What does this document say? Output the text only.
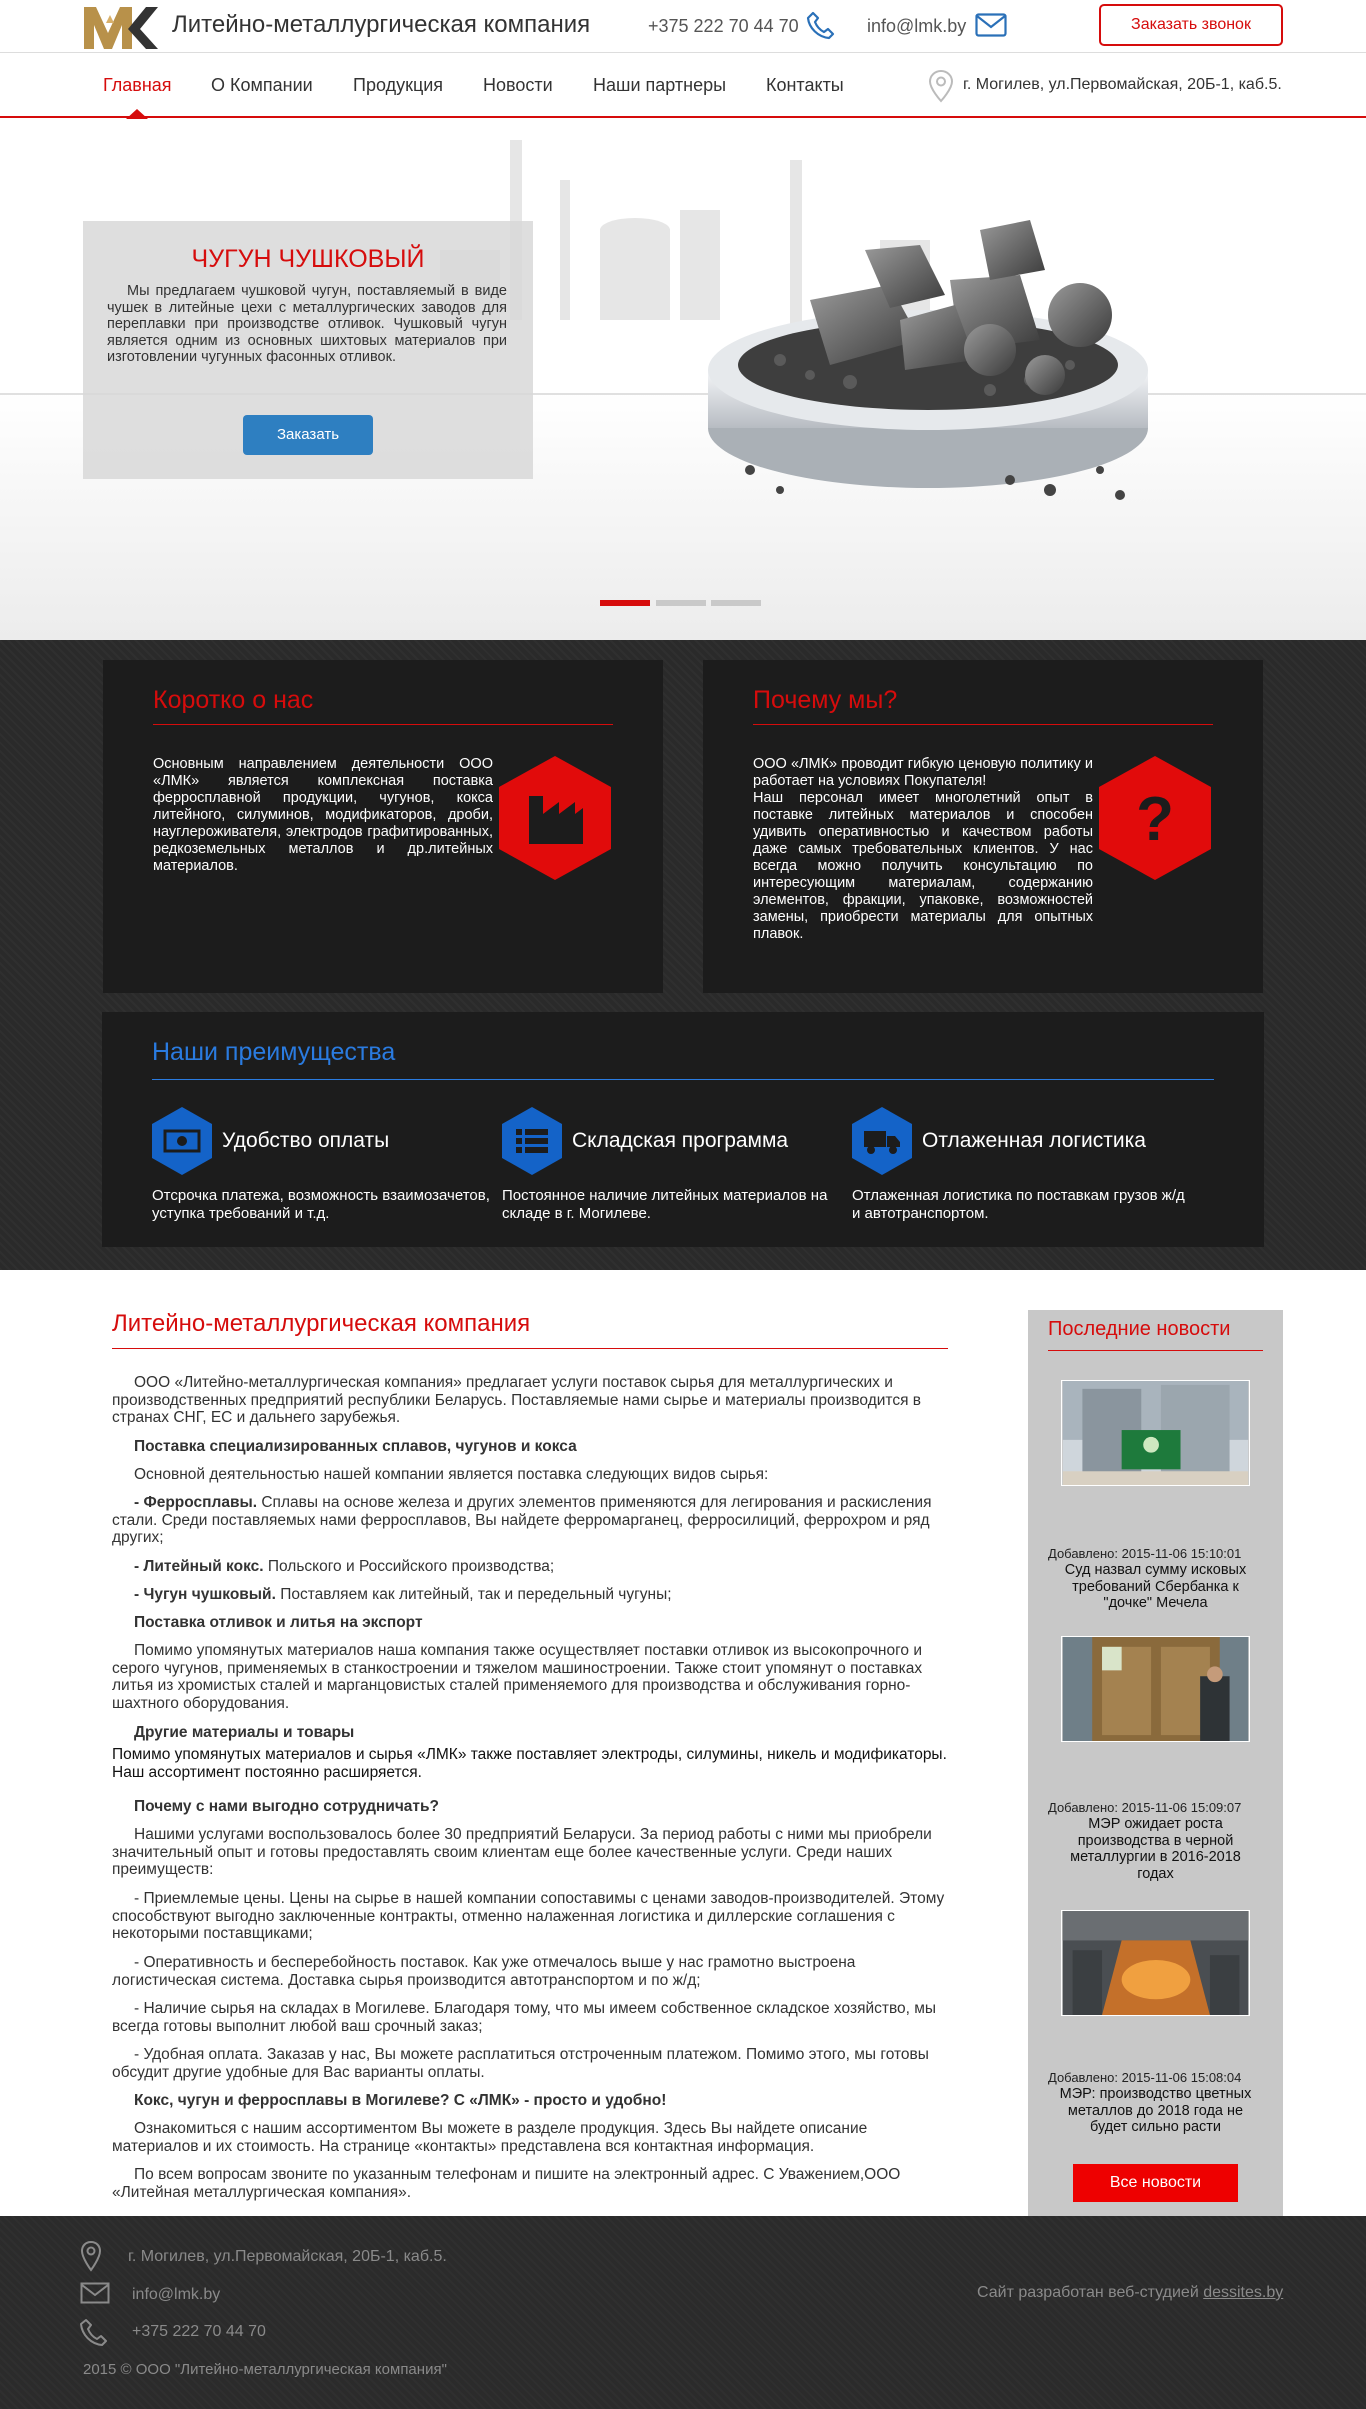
Литейно-металлургическая компания	+375 222 70 44 70	info@lmk.by	Заказать звонок
Главная О Компании Продукция Новости Наши партнеры Контакты	г. Могилев, ул.Первомайская, 20Б-1, каб.5.
ЧУГУН ЧУШКОВЫЙ
Мы предлагаем чушковой чугун, поставляемый в виде чушек в литейные цехи с металлургических заводов для переплавки при производстве отливок. Чушковый чугун является одним из основных шихтовых материалов при изготовлении чугунных фасонных отливок.
Заказать
Коротко о нас
Основным направлением деятельности ООО «ЛМК» является комплексная поставка ферросплавной продукции, чугунов, кокса литейного, силуминов, модификаторов, дроби, науглероживателя, электродов графитированных, редкоземельных металлов и др.литейных материалов.
Почему мы?
ООО «ЛМК» проводит гибкую ценовую политику и работает на условиях Покупателя!
Наш персонал имеет многолетний опыт в поставке литейных материалов и способен удивить оперативностью и качеством работы даже самых требовательных клиентов. У нас всегда можно получить консультацию по интересующим материалам, содержанию элементов, фракции, упаковке, возможностей замены, приобрести материалы для опытных плавок.
?
Наши преимущества
Удобство оплаты
Отсрочка платежа, возможность взаимозачетов, уступка требований и т.д.
Складская программа
Постоянное наличие литейных материалов на складе в г. Могилеве.
Отлаженная логистика
Отлаженная логистика по поставкам грузов ж/д и автотранспортом.
Литейно-металлургическая компания

ООО «Литейно-металлургическая компания» предлагает услуги поставок сырья для металлургических и производственных предприятий республики Беларусь. Поставляемые нами сырье и материалы производится в странах СНГ, ЕС и дальнего зарубежья.

Поставка специализированных сплавов, чугунов и кокса

Основной деятельностью нашей компании является поставка следующих видов сырья:

- Ферросплавы. Сплавы на основе железа и других элементов применяются для легирования и раскисления стали. Среди поставляемых нами ферросплавов, Вы найдете ферромарганец, ферросилиций, феррохром и ряд других;

- Литейный кокс. Польского и Российского производства;

- Чугун чушковый. Поставляем как литейный, так и передельный чугуны;

Поставка отливок и литья на экспорт

Помимо упомянутых материалов наша компания также осуществляет поставки отливок из высокопрочного и серого чугунов, применяемых в станкостроении и тяжелом машиностроении. Также стоит упомянут о поставках литья из хромистых сталей и марганцовистых сталей применяемого для производства и обслуживания горно-шахтного оборудования.

Другие материалы и товары

Помимо упомянутых материалов и сырья «ЛМК» также поставляет электроды, силумины, никель и модификаторы. Наш ассортимент постоянно расширяется.

Почему с нами выгодно сотрудничать?

Нашими услугами воспользовалось более 30 предприятий Беларуси. За период работы с ними мы приобрели значительный опыт и готовы предоставлять своим клиентам еще более качественные услуги. Среди наших преимуществ:

- Приемлемые цены. Цены на сырье в нашей компании сопоставимы с ценами заводов-производителей. Этому способствуют выгодно заключенные контракты, отменно налаженная логистика и диллерские соглашения с некоторыми поставщиками;

- Оперативность и бесперебойность поставок. Как уже отмечалось выше у нас грамотно выстроена логистическая система. Доставка сырья производится автотранспортом и по ж/д;

- Наличие сырья на складах в Могилеве. Благодаря тому, что мы имеем собственное складское хозяйство, мы всегда готовы выполнит любой ваш срочный заказ;

- Удобная оплата. Заказав у нас, Вы можете расплатиться отстроченным платежом. Помимо этого, мы готовы обсудит другие удобные для Вас варианты оплаты.

Кокс, чугун и ферросплавы в Могилеве? С «ЛМК» - просто и удобно!

Ознакомиться с нашим ассортиментом Вы можете в разделе продукция. Здесь Вы найдете описание материалов и их стоимость. На странице «контакты» представлена вся контактная информация.

По всем вопросам звоните по указанным телефонам и пишите на электронный адрес. С Уважением,ООО «Литейная металлургическая компания».

Последние новости
Добавлено: 2015-11-06 15:10:01
Суд назвал сумму исковых требований Сбербанка к "дочке" Мечела
Добавлено: 2015-11-06 15:09:07
МЭР ожидает роста производства в черной металлургии в 2016-2018 годах
Добавлено: 2015-11-06 15:08:04
МЭР: производство цветных металлов до 2018 года не будет сильно расти
Все новости
г. Могилев, ул.Первомайская, 20Б-1, каб.5.
info@lmk.by
+375 222 70 44 70
2015 © ООО "Литейно-металлургическая компания"
Сайт разработан веб-студией dessites.by
